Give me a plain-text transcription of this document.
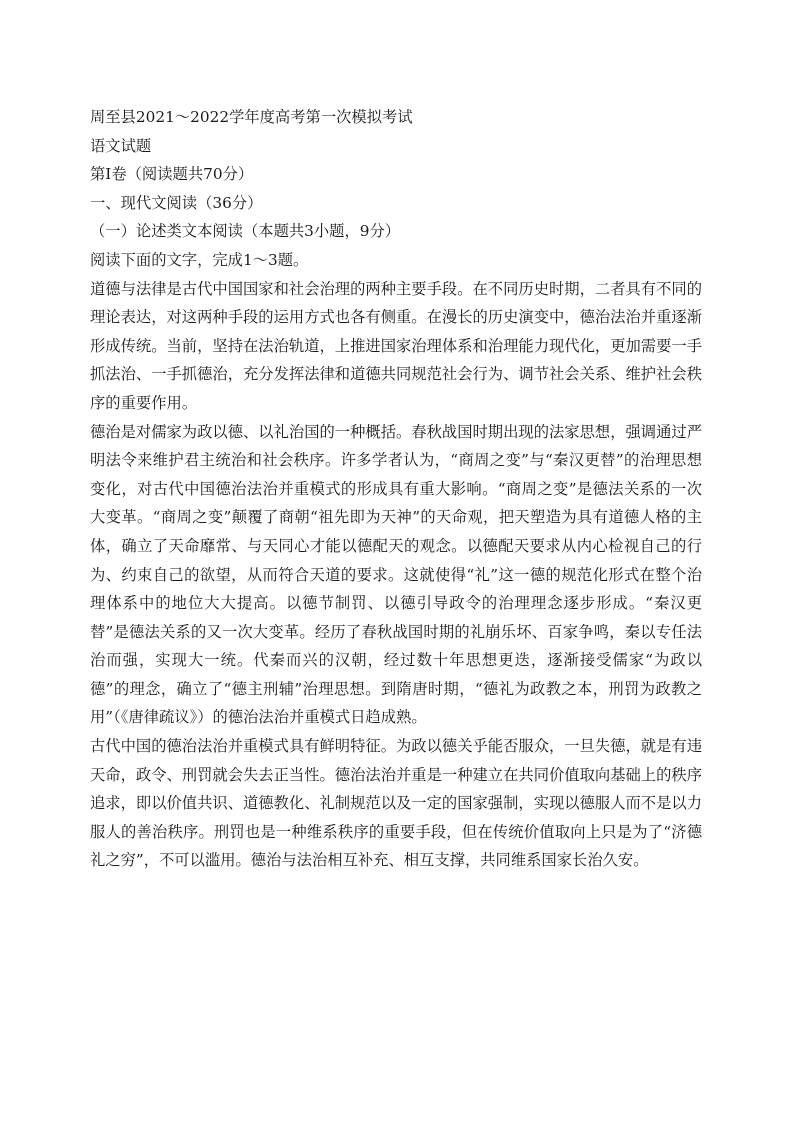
周至县2021～2022学年度高考第一次模拟考试

语文试题

第Ⅰ卷（阅读题共70分）

一、现代文阅读（36分）

（一）论述类文本阅读（本题共3小题，9分）

阅读下面的文字，完成1～3题。

道德与法律是古代中国国家和社会治理的两种主要手段。在不同历史时期，二者具有不同的理论表达，对这两种手段的运用方式也各有侧重。在漫长的历史演变中，德治法治并重逐渐形成传统。当前，坚持在法治轨道，上推进国家治理体系和治理能力现代化，更加需要一手抓法治、一手抓德治，充分发挥法律和道德共同规范社会行为、调节社会关系、维护社会秩序的重要作用。

德治是对儒家为政以德、以礼治国的一种概括。春秋战国时期出现的法家思想，强调通过严明法令来维护君主统治和社会秩序。许多学者认为，“商周之变”与“秦汉更替”的治理思想变化，对古代中国德治法治并重模式的形成具有重大影响。“商周之变”是德法关系的一次大变革。“商周之变”颠覆了商朝“祖先即为天神”的天命观，把天塑造为具有道德人格的主体，确立了天命靡常、与天同心才能以德配天的观念。以德配天要求从内心检视自己的行为、约束自己的欲望，从而符合天道的要求。这就使得“礼”这一德的规范化形式在整个治理体系中的地位大大提高。以德节制罚、以德引导政令的治理理念逐步形成。“秦汉更替”是德法关系的又一次大变革。经历了春秋战国时期的礼崩乐坏、百家争鸣，秦以专任法治而强，实现大一统。代秦而兴的汉朝，经过数十年思想更迭，逐渐接受儒家“为政以德”的理念，确立了“德主刑辅”治理思想。到隋唐时期，“德礼为政教之本，刑罚为政教之用”（《唐律疏议》）的德治法治并重模式日趋成熟。

古代中国的德治法治并重模式具有鲜明特征。为政以德关乎能否服众，一旦失德，就是有违天命，政令、刑罚就会失去正当性。德治法治并重是一种建立在共同价值取向基础上的秩序追求，即以价值共识、道德教化、礼制规范以及一定的国家强制，实现以德服人而不是以力服人的善治秩序。刑罚也是一种维系秩序的重要手段，但在传统价值取向上只是为了“济德礼之穷”，不可以滥用。德治与法治相互补充、相互支撑，共同维系国家长治久安。
